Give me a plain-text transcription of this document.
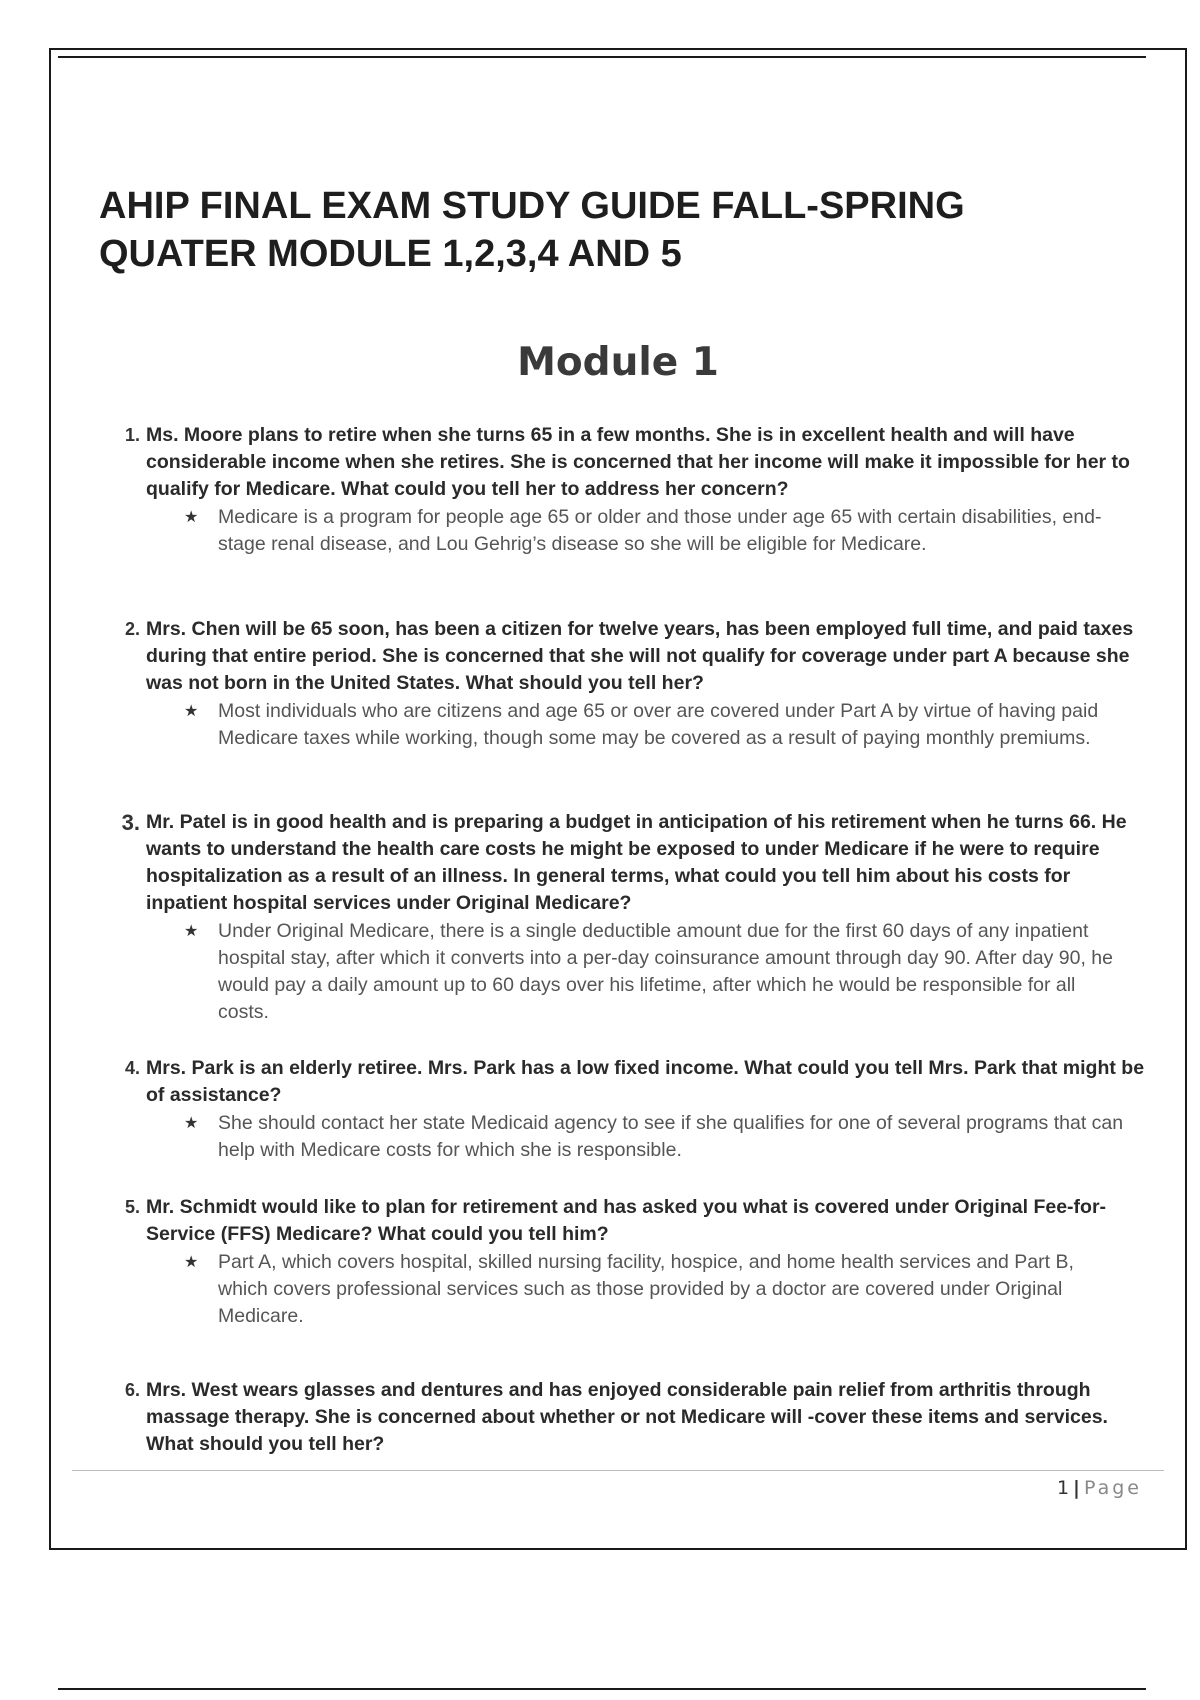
AHIP FINAL EXAM STUDY GUIDE FALL-SPRING QUATER MODULE 1,2,3,4 AND 5
Module 1
1. Ms. Moore plans to retire when she turns 65 in a few months. She is in excellent health and will have considerable income when she retires. She is concerned that her income will make it impossible for her to qualify for Medicare. What could you tell her to address her concern?

★ Medicare is a program for people age 65 or older and those under age 65 with certain disabilities, end-stage renal disease, and Lou Gehrig’s disease so she will be eligible for Medicare.

2. Mrs. Chen will be 65 soon, has been a citizen for twelve years, has been employed full time, and paid taxes during that entire period. She is concerned that she will not qualify for coverage under part A because she was not born in the United States. What should you tell her?

★ Most individuals who are citizens and age 65 or over are covered under Part A by virtue of having paid Medicare taxes while working, though some may be covered as a result of paying monthly premiums.

3. Mr. Patel is in good health and is preparing a budget in anticipation of his retirement when he turns 66. He wants to understand the health care costs he might be exposed to under Medicare if he were to require hospitalization as a result of an illness. In general terms, what could you tell him about his costs for inpatient hospital services under Original Medicare?

★ Under Original Medicare, there is a single deductible amount due for the first 60 days of any inpatient hospital stay, after which it converts into a per-day coinsurance amount through day 90. After day 90, he would pay a daily amount up to 60 days over his lifetime, after which he would be responsible for all costs.

4. Mrs. Park is an elderly retiree. Mrs. Park has a low fixed income. What could you tell Mrs. Park that might be of assistance?

★ She should contact her state Medicaid agency to see if she qualifies for one of several programs that can help with Medicare costs for which she is responsible.

5. Mr. Schmidt would like to plan for retirement and has asked you what is covered under Original Fee-for-Service (FFS) Medicare? What could you tell him?

★ Part A, which covers hospital, skilled nursing facility, hospice, and home health services and Part B, which covers professional services such as those provided by a doctor are covered under Original Medicare.

6. Mrs. West wears glasses and dentures and has enjoyed considerable pain relief from arthritis through massage therapy. She is concerned about whether or not Medicare will -cover these items and services. What should you tell her?

1 | Page
